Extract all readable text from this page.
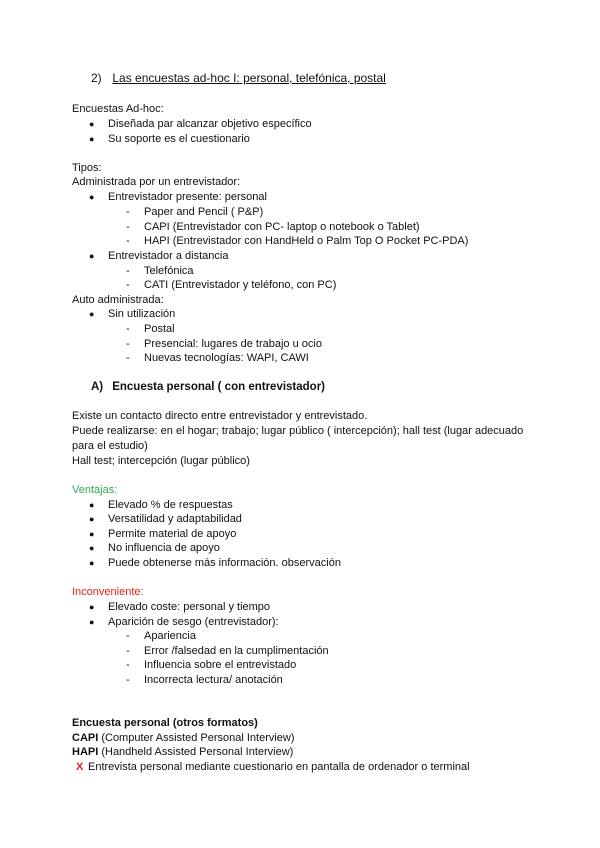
2) Las encuestas ad-hoc I: personal, telefónica, postal
Encuestas Ad-hoc:
● Diseñada par alcanzar objetivo específico
● Su soporte es el cuestionario
Tipos:
Administrada por un entrevistador:
● Entrevistador presente: personal
- Paper and Pencil ( P&P)
- CAPI (Entrevistador con PC- laptop o notebook o Tablet)
- HAPI (Entrevistador con HandHeld o Palm Top O Pocket PC-PDA)
● Entrevistador a distancia
- Telefónica
- CATI (Entrevistador y teléfono, con PC)
Auto administrada:
● Sin utilización
- Postal
- Presencial: lugares de trabajo u ocio
- Nuevas tecnologías: WAPI, CAWI
A) Encuesta personal ( con entrevistador)
Existe un contacto directo entre entrevistador y entrevistado.
Puede realizarse: en el hogar; trabajo; lugar público ( intercepción); hall test (lugar adecuado para el estudio)
Hall test; intercepción (lugar público)
Ventajas:
● Elevado % de respuestas
● Versatilidad y adaptabilidad
● Permite material de apoyo
● No influencia de apoyo
● Puede obtenerse más información. observación
Inconveniente:
● Elevado coste: personal y tiempo
● Aparición de sesgo (entrevistador):
- Apariencia
- Error /falsedad en la cumplimentación
- Influencia sobre el entrevistado
- Incorrecta lectura/ anotación
Encuesta personal (otros formatos)
CAPI (Computer Assisted Personal Interview)
HAPI (Handheld Assisted Personal Interview)
X Entrevista personal mediante cuestionario en pantalla de ordenador o terminal
